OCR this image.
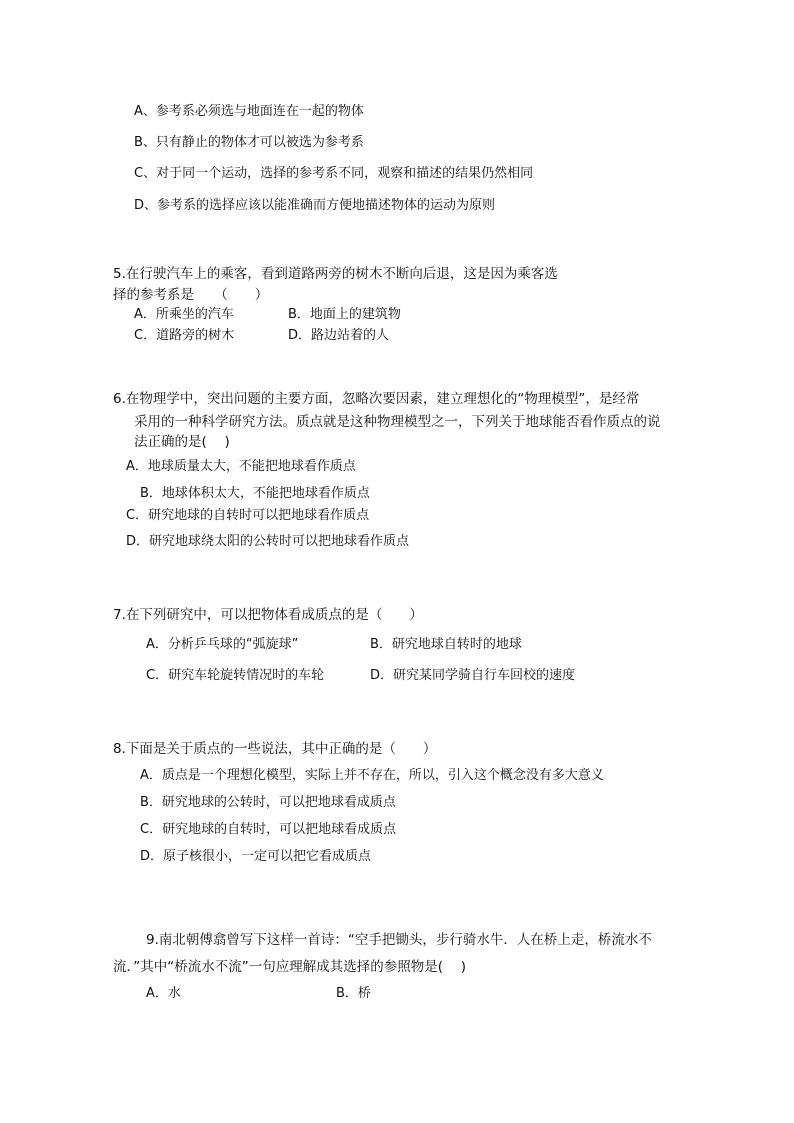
A、参考系必须选与地面连在一起的物体
B、只有静止的物体才可以被选为参考系
C、对于同一个运动，选择的参考系不同，观察和描述的结果仍然相同
D、参考系的选择应该以能准确而方便地描述物体的运动为原则
5.在行驶汽车上的乘客，看到道路两旁的树木不断向后退，这是因为乘客选
择的参考系是　　（　　）
A．所乘坐的汽车	B．地面上的建筑物
C．道路旁的树木	D．路边站着的人
6.在物理学中，突出问题的主要方面，忽略次要因素，建立理想化的“物理模型”，是经常
采用的一种科学研究方法。质点就是这种物理模型之一，下列关于地球能否看作质点的说
法正确的是(　 )
A．地球质量太大，不能把地球看作质点
B．地球体积太大，不能把地球看作质点
C．研究地球的自转时可以把地球看作质点
D．研究地球绕太阳的公转时可以把地球看作质点
7.在下列研究中，可以把物体看成质点的是（　　）
A．分析乒乓球的“弧旋球”	B．研究地球自转时的地球
C．研究车轮旋转情况时的车轮	D．研究某同学骑自行车回校的速度
8.下面是关于质点的一些说法，其中正确的是（　　）
A．质点是一个理想化模型，实际上并不存在，所以，引入这个概念没有多大意义
B．研究地球的公转时，可以把地球看成质点
C．研究地球的自转时，可以把地球看成质点
D．原子核很小，一定可以把它看成质点
9.南北朝傅翕曾写下这样一首诗：“空手把锄头，步行骑水牛．人在桥上走，桥流水不
流．”其中“桥流水不流”一句应理解成其选择的参照物是(　 )
A．水	B．桥
